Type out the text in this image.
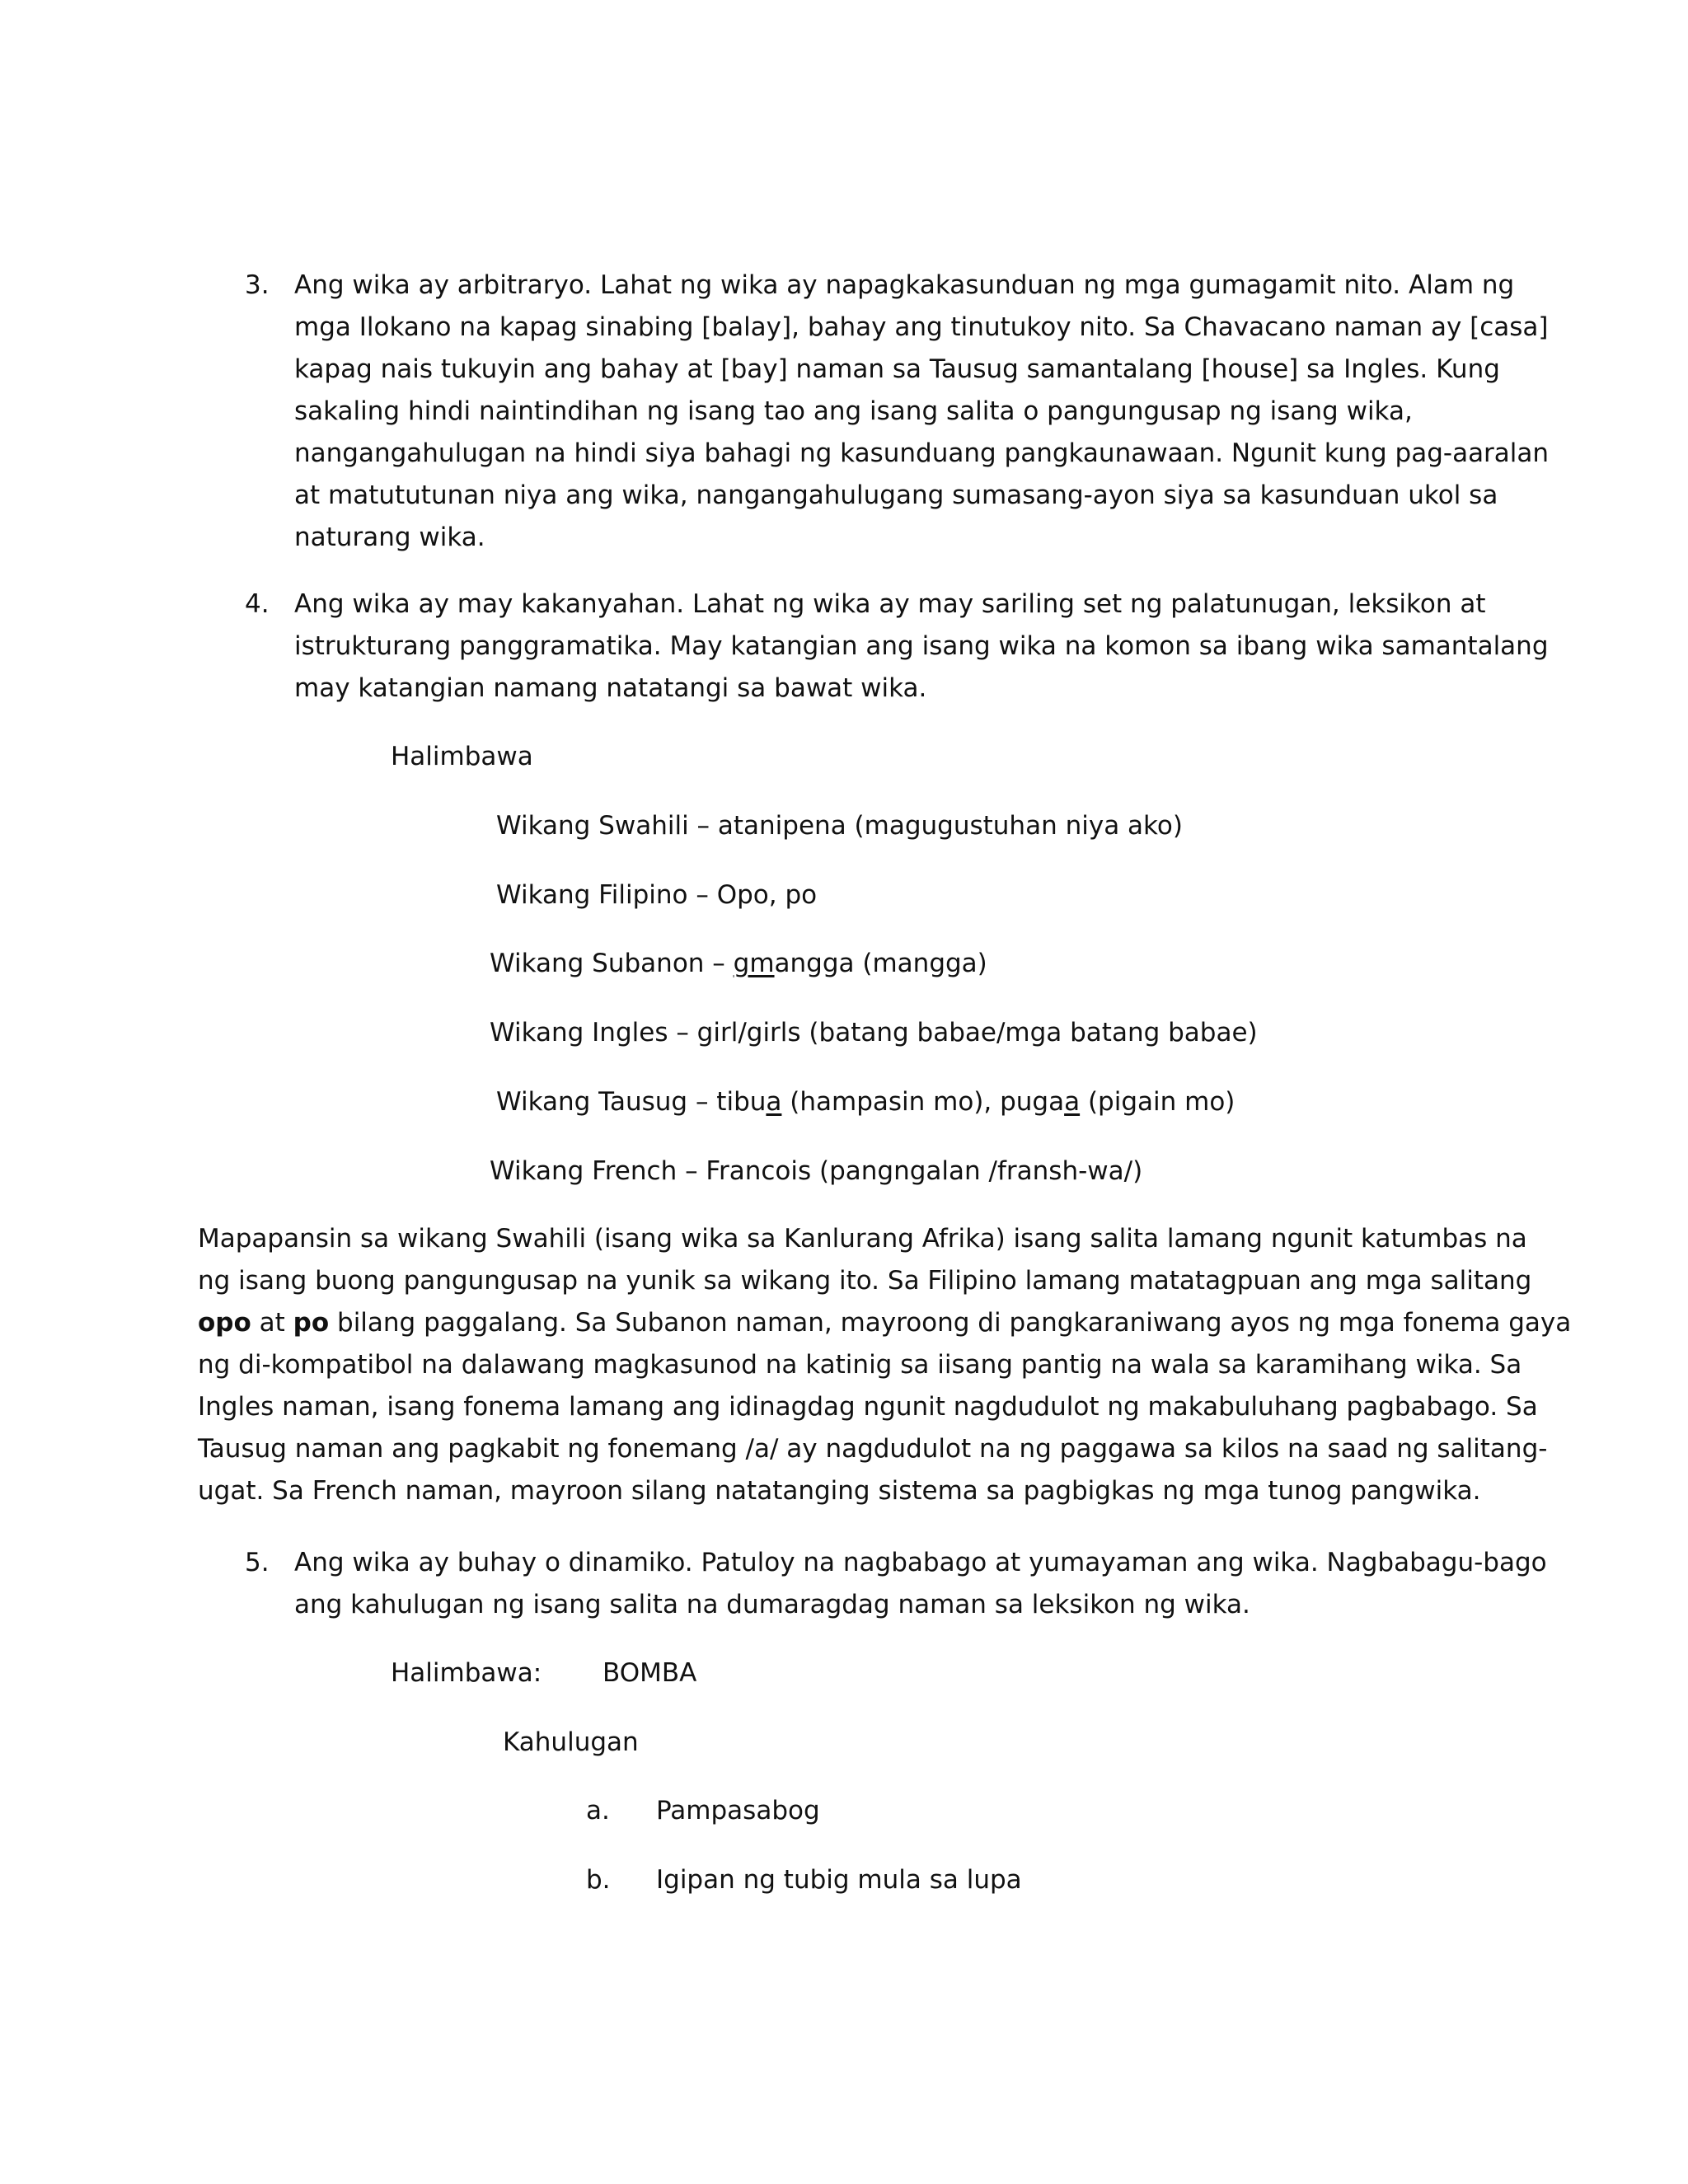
3. Ang wika ay arbitraryo. Lahat ng wika ay napagkakasunduan ng mga gumagamit nito. Alam ng
mga Ilokano na kapag sinabing [balay], bahay ang tinutukoy nito. Sa Chavacano naman ay [casa]
kapag nais tukuyin ang bahay at [bay] naman sa Tausug samantalang [house] sa Ingles. Kung
sakaling hindi naintindihan ng isang tao ang isang salita o pangungusap ng isang wika,
nangangahulugan na hindi siya bahagi ng kasunduang pangkaunawaan. Ngunit kung pag-aaralan
at matututunan niya ang wika, nangangahulugang sumasang-ayon siya sa kasunduan ukol sa
naturang wika.
4. Ang wika ay may kakanyahan. Lahat ng wika ay may sariling set ng palatunugan, leksikon at
istrukturang panggramatika. May katangian ang isang wika na komon sa ibang wika samantalang
may katangian namang natatangi sa bawat wika.
Halimbawa
Wikang Swahili – atanipena (magugustuhan niya ako)
Wikang Filipino – Opo, po
Wikang Subanon – gmangga (mangga)
Wikang Ingles – girl/girls (batang babae/mga batang babae)
Wikang Tausug – tibua (hampasin mo), pugaa (pigain mo)
Wikang French – Francois (pangngalan /fransh-wa/)
Mapapansin sa wikang Swahili (isang wika sa Kanlurang Afrika) isang salita lamang ngunit katumbas na
ng isang buong pangungusap na yunik sa wikang ito. Sa Filipino lamang matatagpuan ang mga salitang
opo at po bilang paggalang. Sa Subanon naman, mayroong di pangkaraniwang ayos ng mga fonema gaya
ng di-kompatibol na dalawang magkasunod na katinig sa iisang pantig na wala sa karamihang wika. Sa
Ingles naman, isang fonema lamang ang idinagdag ngunit nagdudulot ng makabuluhang pagbabago. Sa
Tausug naman ang pagkabit ng fonemang /a/ ay nagdudulot na ng paggawa sa kilos na saad ng salitang-
ugat. Sa French naman, mayroon silang natatanging sistema sa pagbigkas ng mga tunog pangwika.
5. Ang wika ay buhay o dinamiko. Patuloy na nagbabago at yumayaman ang wika. Nagbabagu-bago
ang kahulugan ng isang salita na dumaragdag naman sa leksikon ng wika.
Halimbawa: BOMBA
Kahulugan
a. Pampasabog
b. Igipan ng tubig mula sa lupa
